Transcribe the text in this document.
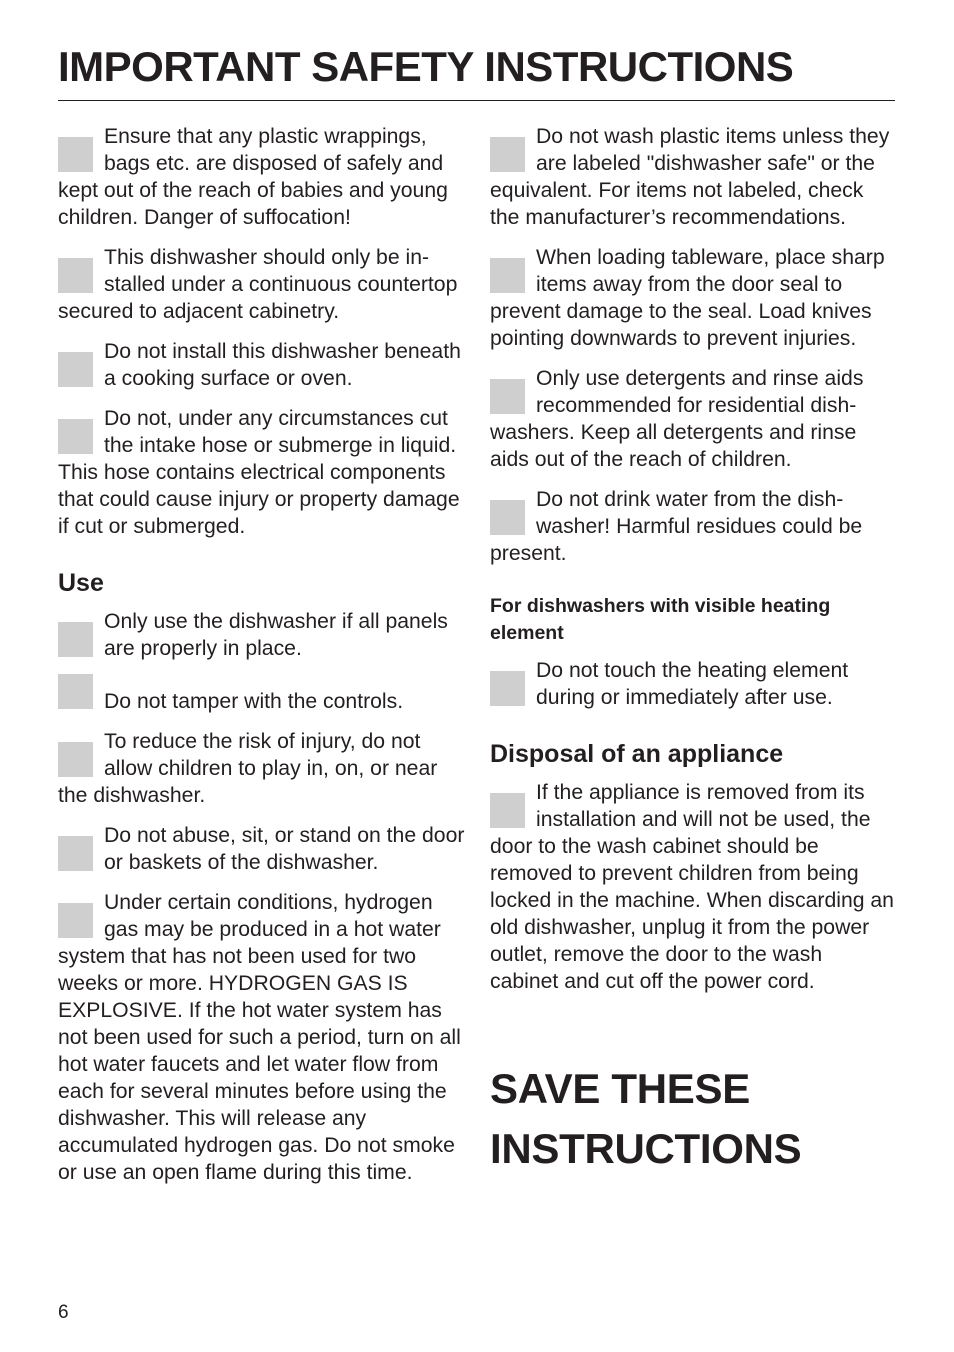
IMPORTANT SAFETY INSTRUCTIONS
Ensure that any plastic wrappings, bags etc. are disposed of safely and kept out of the reach of babies and young children. Danger of suffocation!
This dishwasher should only be installed under a continuous countertop secured to adjacent cabinetry.
Do not install this dishwasher beneath a cooking surface or oven.
Do not, under any circumstances cut the intake hose or submerge in liquid. This hose contains electrical components that could cause injury or property damage if cut or submerged.
Use
Only use the dishwasher if all panels are properly in place.
Do not tamper with the controls.
To reduce the risk of injury, do not allow children to play in, on, or near the dishwasher.
Do not abuse, sit, or stand on the door or baskets of the dishwasher.
Under certain conditions, hydrogen gas may be produced in a hot water system that has not been used for two weeks or more. HYDROGEN GAS IS EXPLOSIVE. If the hot water system has not been used for such a period, turn on all hot water faucets and let water flow from each for several minutes before using the dishwasher. This will release any accumulated hydrogen gas. Do not smoke or use an open flame during this time.
Do not wash plastic items unless they are labeled "dishwasher safe" or the equivalent. For items not labeled, check the manufacturer’s recommendations.
When loading tableware, place sharp items away from the door seal to prevent damage to the seal. Load knives pointing downwards to prevent injuries.
Only use detergents and rinse aids recommended for residential dishwashers. Keep all detergents and rinse aids out of the reach of children.
Do not drink water from the dishwasher! Harmful residues could be present.
For dishwashers with visible heating element
Do not touch the heating element during or immediately after use.
Disposal of an appliance
If the appliance is removed from its installation and will not be used, the door to the wash cabinet should be removed to prevent children from being locked in the machine. When discarding an old dishwasher, unplug it from the power outlet, remove the door to the wash cabinet and cut off the power cord.
SAVE THESE INSTRUCTIONS
6
